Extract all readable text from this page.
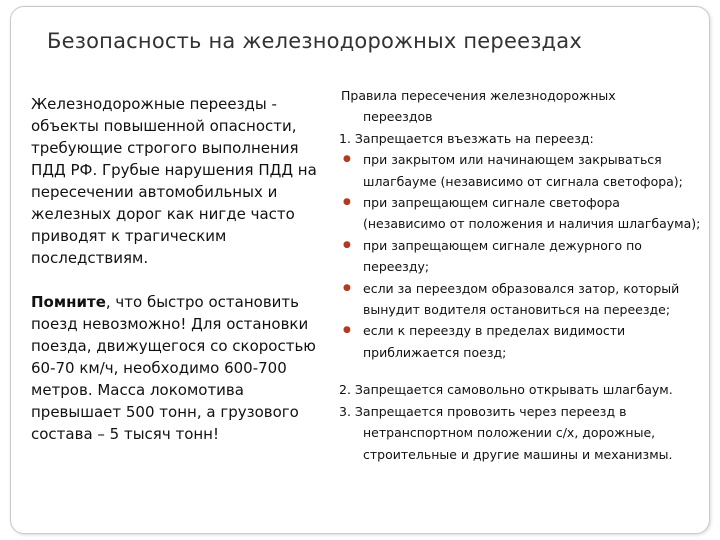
Безопасность на железнодорожных переездах

Железнодорожные переезды - объекты повышенной опасности, требующие строгого выполнения ПДД РФ. Грубые нарушения ПДД на пересечении автомобильных и железных дорог как нигде часто приводят к трагическим последствиям.

Помните, что быстро остановить поезд невозможно! Для остановки поезда, движущегося со скоростью 60-70 км/ч, необходимо 600-700 метров. Масса локомотива превышает 500 тонн, а грузового состава – 5 тысяч тонн!

Правила пересечения железнодорожных
переездов
1. Запрещается въезжать на переезд:
● при закрытом или начинающем закрываться шлагбауме (независимо от сигнала светофора);
● при запрещающем сигнале светофора (независимо от положения и наличия шлагбаума);
● при запрещающем сигнале дежурного по переезду;
● если за переездом образовался затор, который вынудит водителя остановиться на переезде;
● если к переезду в пределах видимости приближается поезд;
2. Запрещается самовольно открывать шлагбаум.
3. Запрещается провозить через переезд в
нетранспортном положении с/х, дорожные, строительные и другие машины и механизмы.
